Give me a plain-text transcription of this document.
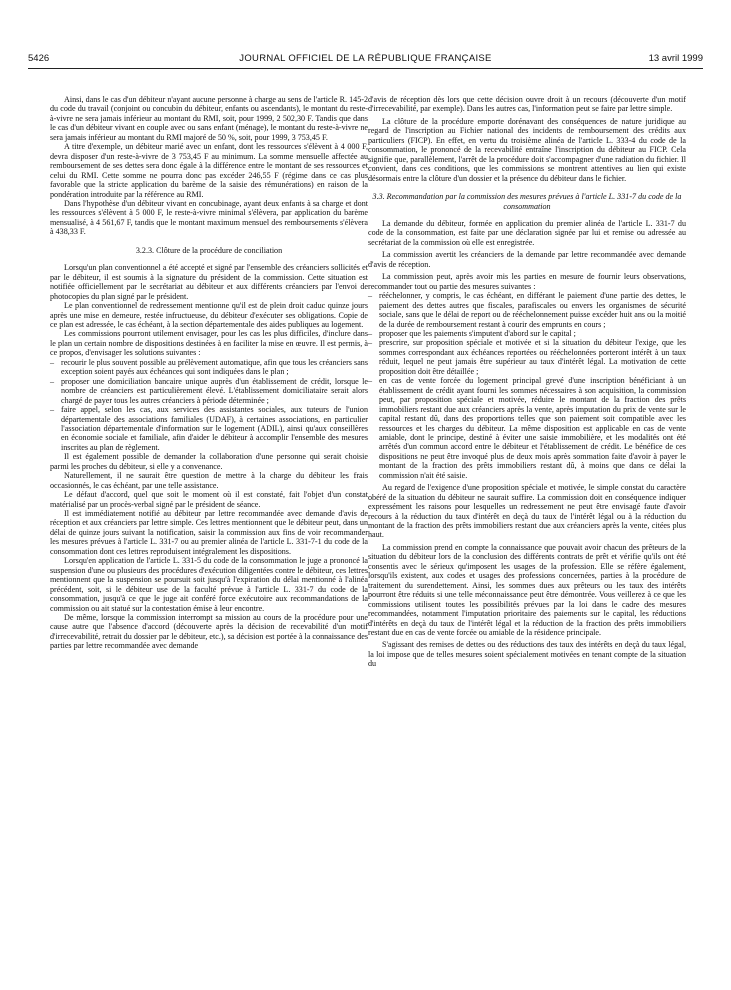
5426	JOURNAL OFFICIEL DE LA RÉPUBLIQUE FRANÇAISE	13 avril 1999

Ainsi, dans le cas d'un débiteur n'ayant aucune personne à charge au sens de l'article R. 145-2 du code du travail (conjoint ou concubin du débiteur, enfants ou ascendants), le montant du reste-à-vivre ne sera jamais inférieur au montant du RMI, soit, pour 1999, 2 502,30 F. Tandis que dans le cas d'un débiteur vivant en couple avec ou sans enfant (ménage), le montant du reste-à-vivre ne sera jamais inférieur au montant du RMI majoré de 50 %, soit, pour 1999, 3 753,45 F.

A titre d'exemple, un débiteur marié avec un enfant, dont les ressources s'élèvent à 4 000 F, devra disposer d'un reste-à-vivre de 3 753,45 F au minimum. La somme mensuelle affectée au remboursement de ses dettes sera donc égale à la différence entre le montant de ses ressources et celui du RMI. Cette somme ne pourra donc pas excéder 246,55 F (régime dans ce cas plus favorable que la stricte application du barème de la saisie des rémunérations) en raison de la pondération introduite par la référence au RMI.

Dans l'hypothèse d'un débiteur vivant en concubinage, ayant deux enfants à sa charge et dont les ressources s'élèvent à 5 000 F, le reste-à-vivre minimal s'élèvera, par application du barème mensualisé, à 4 561,67 F, tandis que le montant maximum mensuel des remboursements s'élèvera à 438,33 F.

3.2.3. Clôture de la procédure de conciliation

Lorsqu'un plan conventionnel a été accepté et signé par l'ensemble des créanciers sollicités et par le débiteur, il est soumis à la signature du président de la commission. Cette situation est notifiée officiellement par le secrétariat au débiteur et aux différents créanciers par l'envoi de photocopies du plan signé par le président.

Le plan conventionnel de redressement mentionne qu'il est de plein droit caduc quinze jours après une mise en demeure, restée infructueuse, du débiteur d'exécuter ses obligations. Copie de ce plan est adressée, le cas échéant, à la section départementale des aides publiques au logement.

Les commissions pourront utilement envisager, pour les cas les plus difficiles, d'inclure dans le plan un certain nombre de dispositions destinées à en faciliter la mise en œuvre. Il est permis, à ce propos, d'envisager les solutions suivantes :

– recourir le plus souvent possible au prélèvement automatique, afin que tous les créanciers sans exception soient payés aux échéances qui sont indiquées dans le plan ;
– proposer une domiciliation bancaire unique auprès d'un établissement de crédit, lorsque le nombre de créanciers est particulièrement élevé. L'établissement domiciliataire serait alors chargé de payer tous les autres créanciers à période déterminée ;
– faire appel, selon les cas, aux services des assistantes sociales, aux tuteurs de l'union départementale des associations familiales (UDAF), à certaines associations, en particulier l'association départementale d'information sur le logement (ADIL), ainsi qu'aux conseillères en économie sociale et familiale, afin d'aider le débiteur à accomplir l'ensemble des mesures inscrites au plan de règlement.

Il est également possible de demander la collaboration d'une personne qui serait choisie parmi les proches du débiteur, si elle y a convenance.

Naturellement, il ne saurait être question de mettre à la charge du débiteur les frais occasionnés, le cas échéant, par une telle assistance.

Le défaut d'accord, quel que soit le moment où il est constaté, fait l'objet d'un constat matérialisé par un procès-verbal signé par le président de séance.

Il est immédiatement notifié au débiteur par lettre recommandée avec demande d'avis de réception et aux créanciers par lettre simple. Ces lettres mentionnent que le débiteur peut, dans un délai de quinze jours suivant la notification, saisir la commission aux fins de voir recommander les mesures prévues à l'article L. 331-7 ou au premier alinéa de l'article L. 331-7-1 du code de la consommation dont ces lettres reproduisent intégralement les dispositions.

Lorsqu'en application de l'article L. 331-5 du code de la consommation le juge a prononcé la suspension d'une ou plusieurs des procédures d'exécution diligentées contre le débiteur, ces lettres mentionnent que la suspension se poursuit soit jusqu'à l'expiration du délai mentionné à l'alinéa précédent, soit, si le débiteur use de la faculté prévue à l'article L. 331-7 du code de la consommation, jusqu'à ce que le juge ait conféré force exécutoire aux recommandations de la commission ou ait statué sur la contestation émise à leur encontre.

De même, lorsque la commission interrompt sa mission au cours de la procédure pour une cause autre que l'absence d'accord (découverte après la décision de recevabilité d'un motif d'irrecevabilité, retrait du dossier par le débiteur, etc.), sa décision est portée à la connaissance des parties par lettre recommandée avec demande

d'avis de réception dès lors que cette décision ouvre droit à un recours (découverte d'un motif d'irrecevabilité, par exemple). Dans les autres cas, l'information peut se faire par lettre simple.

La clôture de la procédure emporte dorénavant des conséquences de nature juridique au regard de l'inscription au Fichier national des incidents de remboursement des crédits aux particuliers (FICP). En effet, en vertu du troisième alinéa de l'article L. 333-4 du code de la consommation, le prononcé de la recevabilité entraîne l'inscription du débiteur au FICP. Cela signifie que, parallèlement, l'arrêt de la procédure doit s'accompagner d'une radiation du fichier. Il convient, dans ces conditions, que les commissions se montrent attentives au lien qui existe désormais entre la clôture d'un dossier et la présence du débiteur dans le fichier.

3.3. Recommandation par la commission des mesures prévues à l'article L. 331-7 du code de la consommation

La demande du débiteur, formée en application du premier alinéa de l'article L. 331-7 du code de la consommation, est faite par une déclaration signée par lui et remise ou adressée au secrétariat de la commission où elle est enregistrée.

La commission avertit les créanciers de la demande par lettre recommandée avec demande d'avis de réception.

La commission peut, après avoir mis les parties en mesure de fournir leurs observations, recommander tout ou partie des mesures suivantes :

– rééchelonner, y compris, le cas échéant, en différant le paiement d'une partie des dettes, le paiement des dettes autres que fiscales, parafiscales ou envers les organismes de sécurité sociale, sans que le délai de report ou de rééchelonnement puisse excéder huit ans ou la moitié de la durée de remboursement restant à courir des emprunts en cours ;
– proposer que les paiements s'imputent d'abord sur le capital ;
– prescrire, sur proposition spéciale et motivée et si la situation du débiteur l'exige, que les sommes correspondant aux échéances reportées ou rééchelonnées porteront intérêt à un taux réduit, lequel ne peut jamais être supérieur au taux d'intérêt légal. La motivation de cette proposition doit être détaillée ;
– en cas de vente forcée du logement principal grevé d'une inscription bénéficiant à un établissement de crédit ayant fourni les sommes nécessaires à son acquisition, la commission peut, par proposition spéciale et motivée, réduire le montant de la fraction des prêts immobiliers restant due aux créanciers après la vente, après imputation du prix de vente sur le capital restant dû, dans des proportions telles que son paiement soit compatible avec les ressources et les charges du débiteur. La même disposition est applicable en cas de vente amiable, dont le principe, destiné à éviter une saisie immobilière, et les modalités ont été arrêtés d'un commun accord entre le débiteur et l'établissement de crédit. Le bénéfice de ces dispositions ne peut être invoqué plus de deux mois après sommation faite d'avoir à payer le montant de la fraction des prêts immobiliers restant dû, à moins que dans ce délai la commission n'ait été saisie.

Au regard de l'exigence d'une proposition spéciale et motivée, le simple constat du caractère obéré de la situation du débiteur ne saurait suffire. La commission doit en conséquence indiquer expressément les raisons pour lesquelles un redressement ne peut être envisagé faute d'avoir recours à la réduction du taux d'intérêt en deçà du taux de l'intérêt légal ou à la réduction du montant de la fraction des prêts immobiliers restant due aux créanciers après la vente, citées plus haut.

La commission prend en compte la connaissance que pouvait avoir chacun des prêteurs de la situation du débiteur lors de la conclusion des différents contrats de prêt et vérifie qu'ils ont été consentis avec le sérieux qu'imposent les usages de la profession. Elle se réfère également, lorsqu'ils existent, aux codes et usages des professions concernées, parties à la procédure de traitement du surendettement. Ainsi, les sommes dues aux prêteurs ou les taux des intérêts pourront être réduits si une telle méconnaissance peut être démontrée. Vous veillerez à ce que les commissions utilisent toutes les possibilités prévues par la loi dans le cadre des mesures recommandées, notamment l'imputation prioritaire des paiements sur le capital, les réductions d'intérêts en deçà du taux de l'intérêt légal et la réduction de la fraction des prêts immobiliers restant due en cas de vente forcée ou amiable de la résidence principale.

S'agissant des remises de dettes ou des réductions des taux des intérêts en deçà du taux légal, la loi impose que de telles mesures soient spécialement motivées en tenant compte de la situation du
